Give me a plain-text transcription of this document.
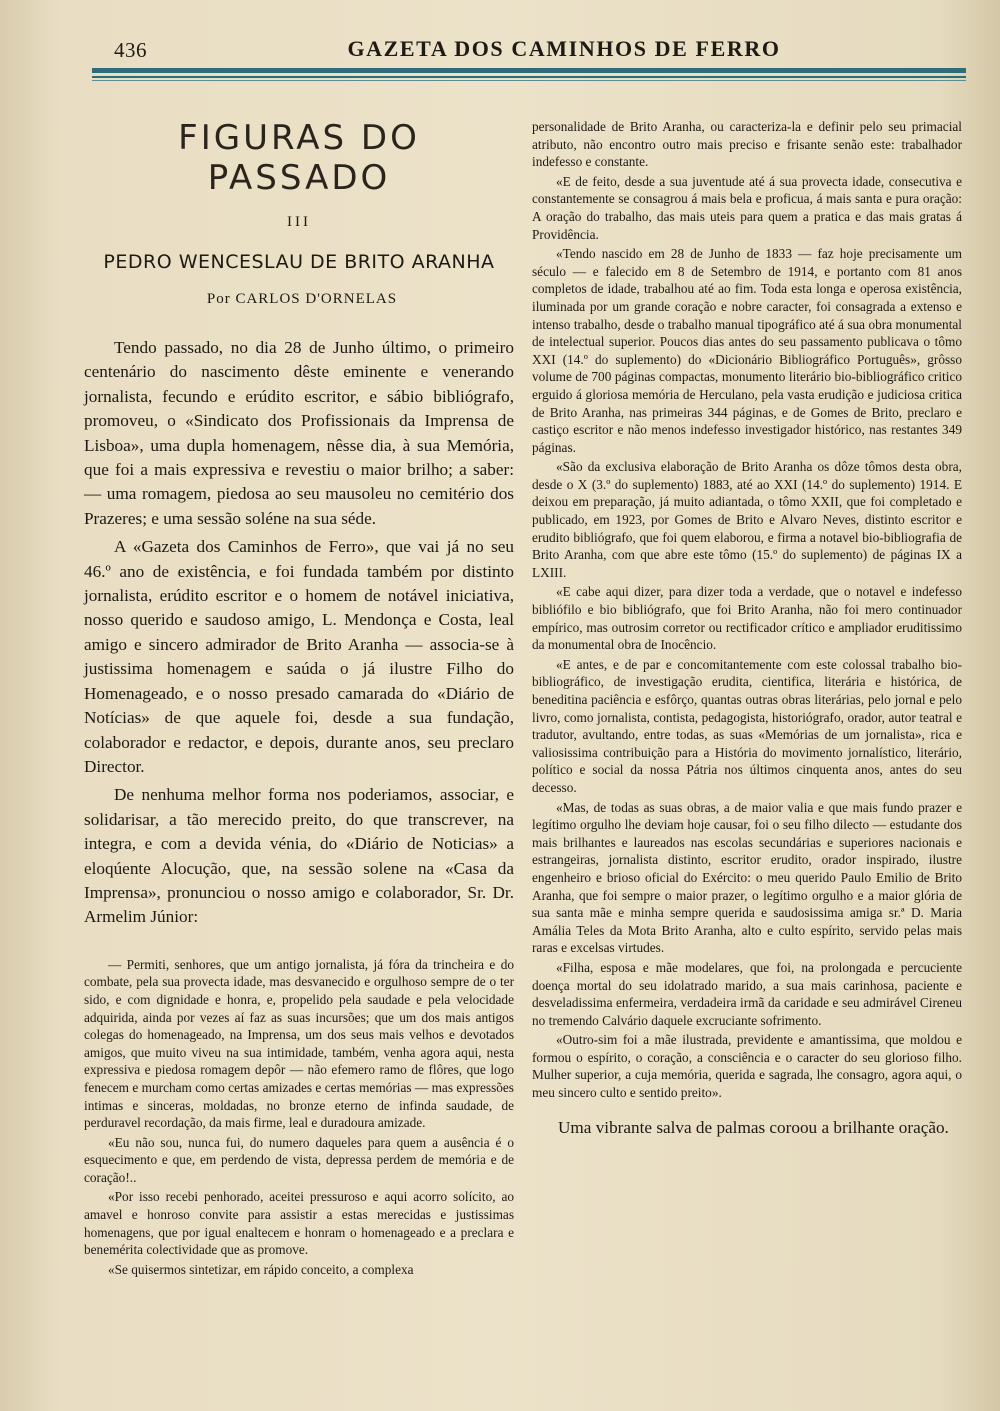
436	GAZETA DOS CAMINHOS DE FERRO
FIGURAS DO PASSADO
III
PEDRO WENCESLAU DE BRITO ARANHA
Por CARLOS D'ORNELAS

Tendo passado, no dia 28 de Junho último, o primeiro centenário do nascimento dêste eminente e venerando jornalista, fecundo e erúdito escritor, e sábio bibliógrafo, promoveu, o «Sindicato dos Profissionais da Imprensa de Lisboa», uma dupla homenagem, nêsse dia, à sua Memória, que foi a mais expressiva e revestiu o maior brilho; a saber: — uma romagem, piedosa ao seu mausoleu no cemitério dos Prazeres; e uma sessão soléne na sua séde.

A «Gazeta dos Caminhos de Ferro», que vai já no seu 46.º ano de existência, e foi fundada também por distinto jornalista, erúdito escritor e o homem de notável iniciativa, nosso querido e saudoso amigo, L. Mendonça e Costa, leal amigo e sincero admirador de Brito Aranha — associa-se à justissima homenagem e saúda o já ilustre Filho do Homenageado, e o nosso presado camarada do «Diário de Notícias» de que aquele foi, desde a sua fundação, colaborador e redactor, e depois, durante anos, seu preclaro Director.

De nenhuma melhor forma nos poderiamos, associar, e solidarisar, a tão merecido preito, do que transcrever, na integra, e com a devida vénia, do «Diário de Noticias» a eloqúente Alocução, que, na sessão solene na «Casa da Imprensa», pronunciou o nosso amigo e colaborador, Sr. Dr. Armelim Júnior:

— Permiti, senhores, que um antigo jornalista, já fóra da trincheira e do combate, pela sua provecta idade, mas desvanecido e orgulhoso sempre de o ter sido, e com dignidade e honra, e, propelido pela saudade e pela velocidade adquirida, ainda por vezes aí faz as suas incursões; que um dos mais antigos colegas do homenageado, na Imprensa, um dos seus mais velhos e devotados amigos, que muito viveu na sua intimidade, também, venha agora aqui, nesta expressiva e piedosa romagem depôr — não efemero ramo de flôres, que logo fenecem e murcham como certas amizades e certas memórias — mas expressões intimas e sinceras, moldadas, no bronze eterno de infinda saudade, de perduravel recordação, da mais firme, leal e duradoura amizade.

«Eu não sou, nunca fui, do numero daqueles para quem a ausência é o esquecimento e que, em perdendo de vista, depressa perdem de memória e de coração!..

«Por isso recebi penhorado, aceitei pressuroso e aqui acorro solícito, ao amavel e honroso convite para assistir a estas merecidas e justissimas homenagens, que por igual enaltecem e honram o homenageado e a preclara e benemérita colectividade que as promove.

«Se quisermos sintetizar, em rápido conceito, a complexa

personalidade de Brito Aranha, ou caracteriza-la e definir pelo seu primacial atributo, não encontro outro mais preciso e frisante senão este: trabalhador indefesso e constante.

«E de feito, desde a sua juventude até á sua provecta idade, consecutiva e constantemente se consagrou á mais bela e proficua, á mais santa e pura oração: A oração do trabalho, das mais uteis para quem a pratica e das mais gratas á Providência.

«Tendo nascido em 28 de Junho de 1833 — faz hoje precisamente um século — e falecido em 8 de Setembro de 1914, e portanto com 81 anos completos de idade, trabalhou até ao fim. Toda esta longa e operosa existência, iluminada por um grande coração e nobre caracter, foi consagrada a extenso e intenso trabalho, desde o trabalho manual tipográfico até á sua obra monumental de intelectual superior. Poucos dias antes do seu passamento publicava o tômo XXI (14.º do suplemento) do «Dicionário Bibliográfico Português», grôsso volume de 700 páginas compactas, monumento literário bio-bibliográfico critico erguido á gloriosa memória de Herculano, pela vasta erudição e judiciosa critica de Brito Aranha, nas primeiras 344 páginas, e de Gomes de Brito, preclaro e castiço escritor e não menos indefesso investigador histórico, nas restantes 349 páginas.

«São da exclusiva elaboração de Brito Aranha os dôze tômos desta obra, desde o X (3.º do suplemento) 1883, até ao XXI (14.º do suplemento) 1914. E deixou em preparação, já muito adiantada, o tômo XXII, que foi completado e publicado, em 1923, por Gomes de Brito e Alvaro Neves, distinto escritor e erudito bibliógrafo, que foi quem elaborou, e firma a notavel bio-bibliografia de Brito Aranha, com que abre este tômo (15.º do suplemento) de páginas IX a LXIII.

«E cabe aqui dizer, para dizer toda a verdade, que o notavel e indefesso bibliófilo e bio bibliógrafo, que foi Brito Aranha, não foi mero continuador empírico, mas outrosim corretor ou rectificador crítico e ampliador eruditissimo da monumental obra de Inocêncio.

«E antes, e de par e concomitantemente com este colossal trabalho bio-bibliográfico, de investigação erudita, cientifica, literária e histórica, de beneditina paciência e esfôrço, quantas outras obras literárias, pelo jornal e pelo livro, como jornalista, contista, pedagogista, historiógrafo, orador, autor teatral e tradutor, avultando, entre todas, as suas «Memórias de um jornalista», rica e valiosissima contribuição para a História do movimento jornalístico, literário, político e social da nossa Pátria nos últimos cinquenta anos, antes do seu decesso.

«Mas, de todas as suas obras, a de maior valia e que mais fundo prazer e legítimo orgulho lhe deviam hoje causar, foi o seu filho dilecto — estudante dos mais brilhantes e laureados nas escolas secundárias e superiores nacionais e estrangeiras, jornalista distinto, escritor erudito, orador inspirado, ilustre engenheiro e brioso oficial do Exército: o meu querido Paulo Emilio de Brito Aranha, que foi sempre o maior prazer, o legítimo orgulho e a maior glória de sua santa mãe e minha sempre querida e saudosissima amiga sr.ª D. Maria Amália Teles da Mota Brito Aranha, alto e culto espírito, servido pelas mais raras e excelsas virtudes.

«Filha, esposa e mãe modelares, que foi, na prolongada e percuciente doença mortal do seu idolatrado marido, a sua mais carinhosa, paciente e desveladissima enfermeira, verdadeira irmã da caridade e seu admirável Cireneu no tremendo Calvário daquele excruciante sofrimento.

«Outro-sim foi a mãe ilustrada, previdente e amantissima, que moldou e formou o espírito, o coração, a consciência e o caracter do seu glorioso filho. Mulher superior, a cuja memória, querida e sagrada, lhe consagro, agora aqui, o meu sincero culto e sentido preito».

Uma vibrante salva de palmas coroou a brilhante oração.
